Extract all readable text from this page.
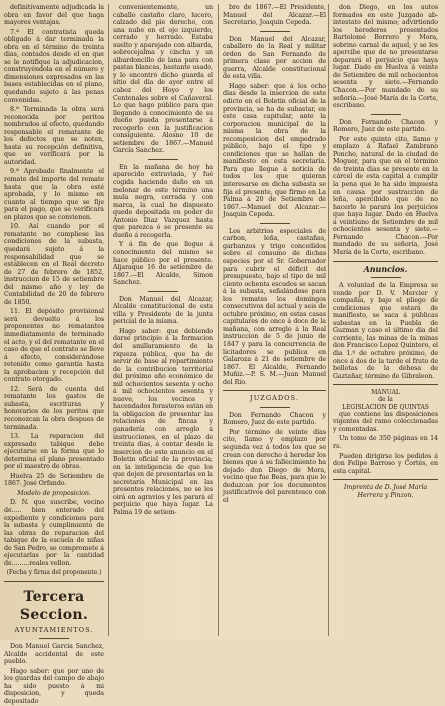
definitivamente adjudicada la obra en favor del que haga mayores ventajas.

7.ª El contratista queda obligado á dar terminada la obra en el término de treinta dias, contados desde el en que se le notifique la adjudicacion, construyéndola en el número y dimensiones expresados en las bases establecidas en el plano, quedando sujeto á las penas convenidas.

8.ª Terminada la obra será reconocida por peritos nombrados al efecto, quedando responsable el rematante de los defectos que se noten, hasta su recepción definitiva, que se verificará por la autoridad.

9.ª Aprobado finalmente el remate del importe del remate hasta que la obra esté aprobada, y lo mismo en cuanto al tiempo que se fije para el pago, que se verificará en plazos que se convienen.

10. Así cuando por el rematante no cumpliese las condiciones de la subasta, quedará sujeto á la responsabilidad que se establecen en el Real decreto de 27 de febrero de 1852, instruccion de 15 de setiembre del mismo año y ley de Contabilidad de 20 de febrero de 1850.

11. El depósito provisional será devuelto á los proponentes no rematantes inmediatamente de terminado el acto, y el del rematante en el caso de que el contrato se lleve á efecto, considerándose retenido como garantía hasta la aprobacion y recepción del contrato otorgado.

12. Será de cuenta del rematante los gastos de subasta, escrituras y honorarios de los peritos que reconozcan la obra despues de terminada.

13. La reparacion del expresado tabique debe ejecutarse en la forma que lo determina el plano presentado por el maestro de obras.

Huelva 25 de Setiembre de 1867. José Orfando.

Modelo de proposicion.

D. N. que suscribe, vecino de..... bien enterado del expediente y condiciones para la subasta y cumplimiento de las obras de reparacion del tabique de la escuela de niñas de San Pedro, se compromete á ejecutarlas por la cantidad de.........reales vellon.

(Fecha y firma del proponente.)
Tercera Seccion.
AYUNTAMIENTOS.

Don Manuel Garcia Sanchez, Alcalde accidental de este pueblo.

Hago saber: que por uno de los guardas del campo de abajo ha sido puesto á mi disposicion, y queda depositado

convenientemente, un caballo castaño claro, lucero, calzado del pie derecho, con una nube en el ojo izquierdo, cerrado y herrado. Estaba suelto y aparejado con albarda, sobrecejalma y cincha y un albardoncillo de lana para con pastas blancas, bastante usado, y lo encontró dicho guarda el sitio del dia de ayer entre el caboz del Hoyo y los Centenales sobre el Cañaveral. Lo que hago público para que llegando á conocimiento de su dueño pueda presentarse á recogerlo con la justificacion consiguiente. Alosno 10 de setiembre de 1867.—Manuel García Sanchez.

En la mañana de hoy ha aparecido extraviada, y fué cogida haciendo daño en un melonar de este término una mula negra, cerrada y con marca, la cual he dispuesto quede depositada en poder de Antonio Diaz Vazquez hasta que parezca ó se presente su dueño á recogerla.

Y á fin de que llegue á conocimiento del mismo se hace público por el presente. Aljaraque 16 de setiembre de 1867.—El Alcalde, Simon Sanchez.

Don Manuel del Alcazar, Alcalde constitucional de esta villa y Presidente de la junta pericial de la misma.

Hago saber: que debiendo darse principio á la formacion del amillaramiento de la riqueza pública, que ha de servir de base al repartimiento de la contribucion territorial del próximo año económico de mil ochocientos sesenta y ocho á mil ochocientos sesenta y nueve, los vecinos y hacendados forasteros están en la obligacion de presentar las relaciones de fincas y ganadería con arreglo á instrucciones, en el plazo de treinta dias, á contar desde la insercion de este anuncio en el Boletin oficial de la provincia; en la inteligencia de que los que dejen de presentarlas en la secretaría Municipal en las presentes relaciones, no se les oirá en agravios y les parará el perjuicio que haya lugar. La Palma 19 de setiem-

bre de 1867.—El Presidente, Manuel del Alcazar.—El Secretario, Joaquin Cepeda.

Don Manuel del Alcazar, caballero de la Real y militar órden de San Fernando de primera clase por accion de guerra, Alcalde constitucional de esta villa.

Hago saber: que á los ocho dias desde la insercion de este edicto en el Boletin oficial de la provincia, se ha de subastar, en este casa capitular, ante la corporacion municipal de la misma la obra de la recomposicion del empedrado público, bajo el tipo y condiciones que se hallan de manifiesto en esta secretaría. Para que llegue á noticia de todos los que quieran interesarse en dicha subasta se fija el presente, que firmo en La Palma á 20 de Setiembre de 1867.—Manuel del Alcazar.—Joaquin Cepeda.

Los arbitrios especiales de carbon, leña, castañas, garbanzos y trigo concedidos sobre el consumo de dichas especies por el Sr. Gobernador para cubrir el déficit del presupuesto, bajo el tipo de mil ciento ochenta escudos se sacan á la subasta, señalándose para los remates los domingos consecutivos del actual y seis de octubre próximo, en estas casas capitulares de once á doce de la mañana, con arreglo á la Real instruccion de 5 de junio de 1847 y para la concurrencia de licitadores se publica en Galaroza á 21 de setiembre de 1867. El Alcalde, Fernando Muñiz.—P. S. M.—Juan Manuel del Rio.

JUZGADOS.

Don Fernando Chacon y Romero, Juez de este partido.

Por término de veinte dias cito, llamo y emplazo por segunda vez á todos los que se crean con derecho á heredar los bienes que á su fallecimiento ha dejado don Diego de Mora, vecino que fue Beas, para que lo deduzcan por los documentos justificativos del parentesco con el

don Diego, en los autos formados en este Juzgado ab-intestato del mismo; advirtiendo los herederos presentados Bartolomé Borrero y Mora, sobrino carnal de aquel, y se les apercibe que de no presentarse deparará el perjuicio que haya lugar. Dado en Huelva á veinte de Setiembre de mil ochocientos sesenta y siete.—Fernando Chacon.—Por mandado de su señoría.—José María de la Corte, escribano.

Don Fernando Chacon y Romero, Juez de este partido.

Por este quinto cito, llamo y emplazo á Rafael Zambrano Poncho, natural de la ciudad de Moguer, para que en el término de treinta dias se presente en la cárcel de esta capital á cumplir la pena que le ha sido impuesta en causa por sustraccion de leña, apercibido que de no hacerlo le parará los perjuicios que haya lugar. Dado en Huelva á veintiuno de Setiembre de mil ochocientos sesenta y siete.—Fernando Chacon.—Por mandado de su señoría, José María de la Corte, escribano.

Anuncios.

A voluntad de la Empresa se vende por D. V. Mercier y compañía, y bajo el pliego de condiciones que estará de manifiesto, se saca á públicas subastas en la Puebla de Guzman y caso el último dia del corriente, las minas de la minas don Francisco Lopez Quintero, el dia 1.º de octubre próximo, de once á dos de la tarde el fruto de bellotas de la dehesa de Gaztañar, término de Gibraleon.

MANUAL
de la
LEGISLACION DE QUINTAS

que contiene las disposiciones vigentes del ramo coleccionadas y comentadas.

Un tomo de 350 páginas en 14 rs.

Pueden dirigirse los pedidos á don Felipe Barroso y Cortés, en esta capital.

Imprenta de D. José María Herrera y Pinzon.
